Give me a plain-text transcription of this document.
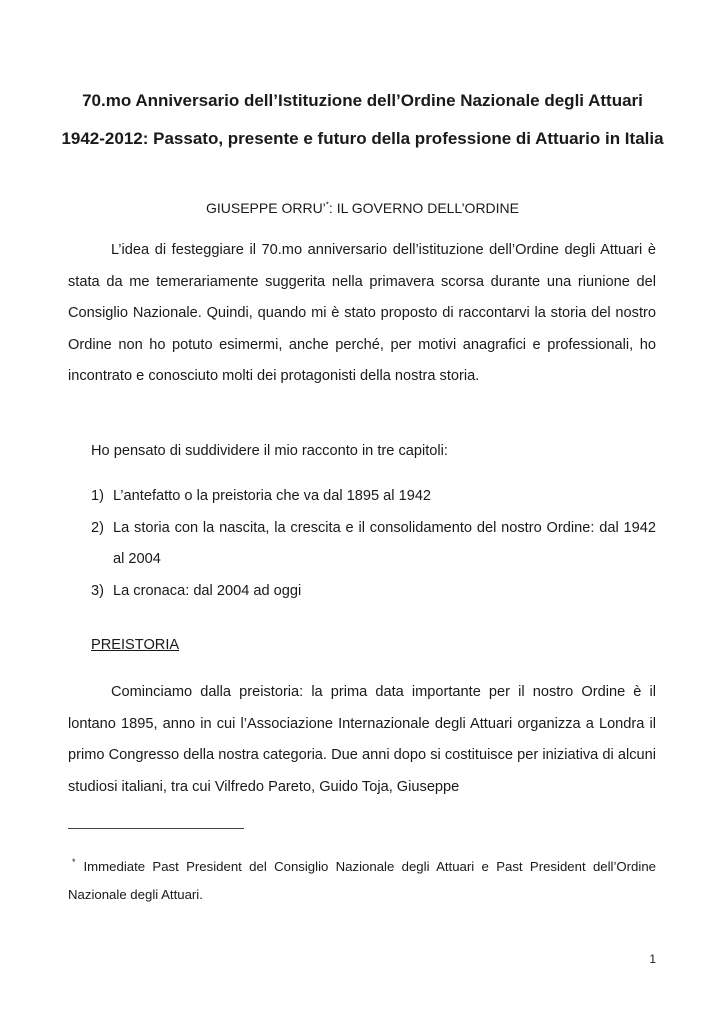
70.mo Anniversario dell’Istituzione dell’Ordine Nazionale degli Attuari
1942-2012: Passato, presente e futuro della professione di Attuario in Italia
GIUSEPPE ORRU’*: IL GOVERNO DELL’ORDINE
L’idea di festeggiare il 70.mo anniversario dell’istituzione dell’Ordine degli Attuari è stata da me temerariamente suggerita nella primavera scorsa durante una riunione del Consiglio Nazionale. Quindi, quando mi è stato proposto di raccontarvi la storia del nostro Ordine non ho potuto esimermi, anche perché, per motivi anagrafici e professionali, ho incontrato e conosciuto molti dei protagonisti della nostra storia.
Ho pensato di suddividere il mio racconto in tre capitoli:
1) L’antefatto o la preistoria che va dal 1895 al 1942
2) La storia con la nascita, la crescita e il consolidamento del nostro Ordine: dal 1942 al 2004
3) La cronaca: dal 2004 ad oggi
PREISTORIA
Cominciamo dalla preistoria: la prima data importante per il nostro Ordine è il lontano 1895, anno in cui l’Associazione Internazionale degli Attuari organizza a Londra il primo Congresso della nostra categoria. Due anni dopo si costituisce per iniziativa di alcuni studiosi italiani, tra cui Vilfredo Pareto, Guido Toja, Giuseppe
* Immediate Past President del Consiglio Nazionale degli Attuari e Past President dell’Ordine Nazionale degli Attuari.
1
